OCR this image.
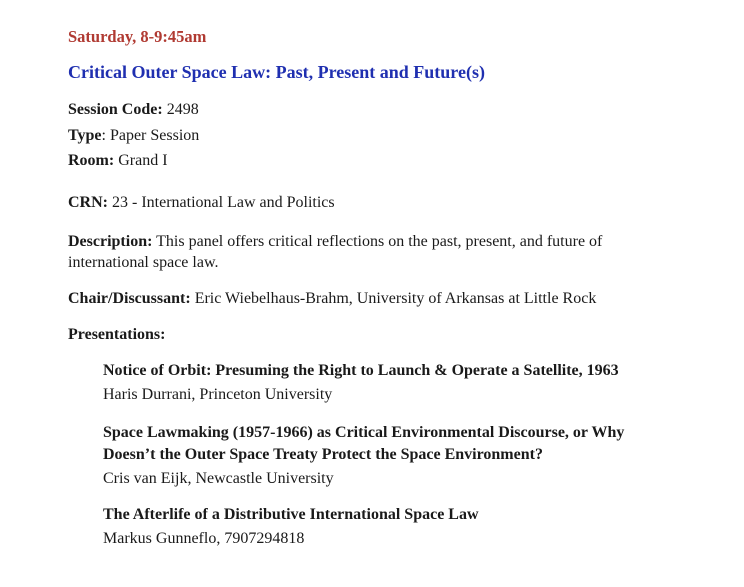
Saturday, 8-9:45am
Critical Outer Space Law: Past, Present and Future(s)
Session Code: 2498
Type: Paper Session
Room: Grand I
CRN: 23 - International Law and Politics
Description: This panel offers critical reflections on the past, present, and future of international space law.
Chair/Discussant: Eric Wiebelhaus-Brahm, University of Arkansas at Little Rock
Presentations:
Notice of Orbit: Presuming the Right to Launch & Operate a Satellite, 1963
Haris Durrani, Princeton University
Space Lawmaking (1957-1966) as Critical Environmental Discourse, or Why
Doesn’t the Outer Space Treaty Protect the Space Environment?
Cris van Eijk, Newcastle University
The Afterlife of a Distributive International Space Law
Markus Gunneflo, 7907294818
